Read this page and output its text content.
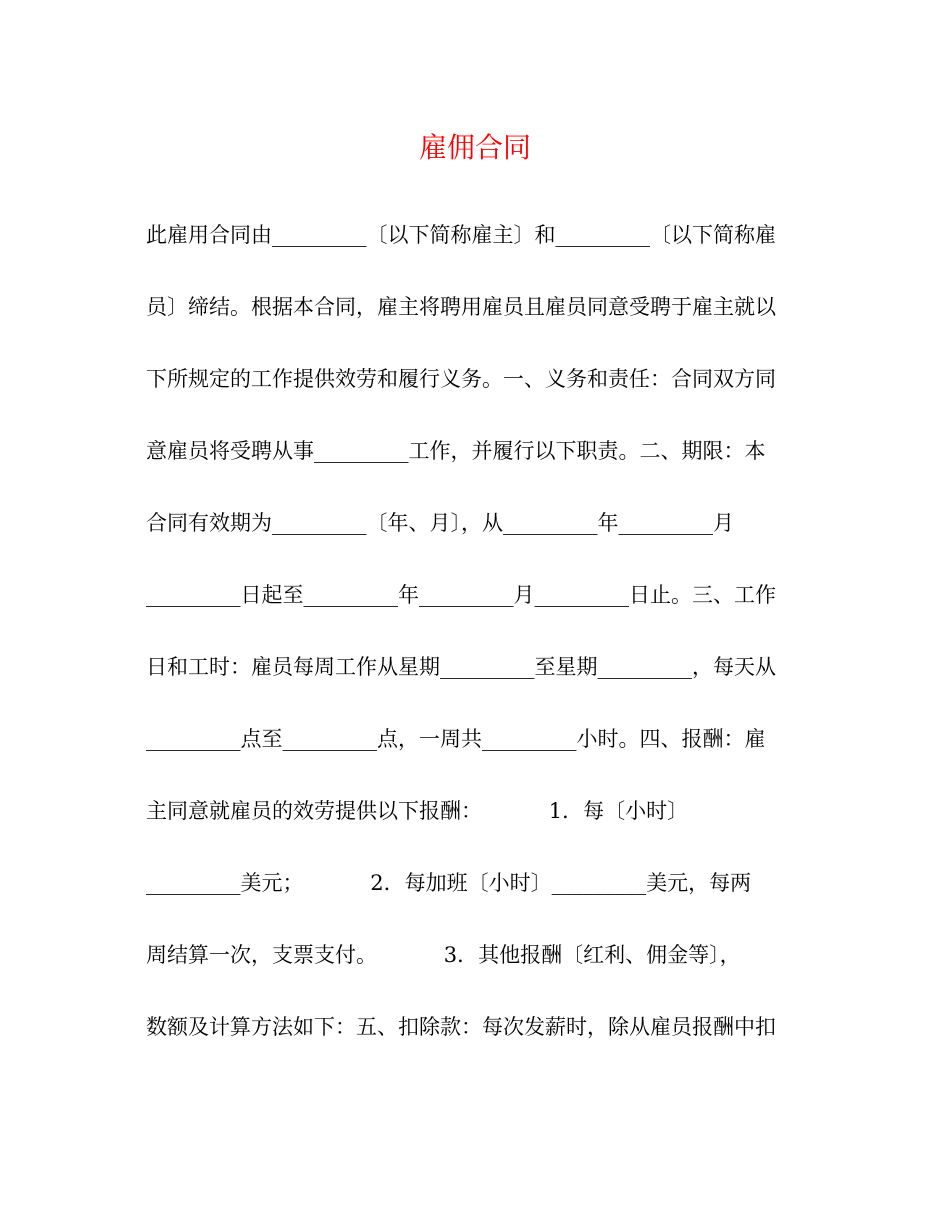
雇佣合同
此雇用合同由_________〔以下简称雇主〕和_________〔以下简称雇
员〕缔结。根据本合同，雇主将聘用雇员且雇员同意受聘于雇主就以
下所规定的工作提供效劳和履行义务。一、义务和责任：合同双方同
意雇员将受聘从事_________工作，并履行以下职责。二、期限：本
合同有效期为_________〔年、月〕，从_________年_________月
_________日起至_________年_________月_________日止。三、工作
日和工时：雇员每周工作从星期_________至星期_________，每天从
_________点至_________点，一周共_________小时。四、报酬：雇
主同意就雇员的效劳提供以下报酬：          1．每〔小时〕
_________美元；          2．每加班〔小时〕_________美元，每两
周结算一次，支票支付。          3．其他报酬〔红利、佣金等〕，
数额及计算方法如下：五、扣除款：每次发薪时，除从雇员报酬中扣
